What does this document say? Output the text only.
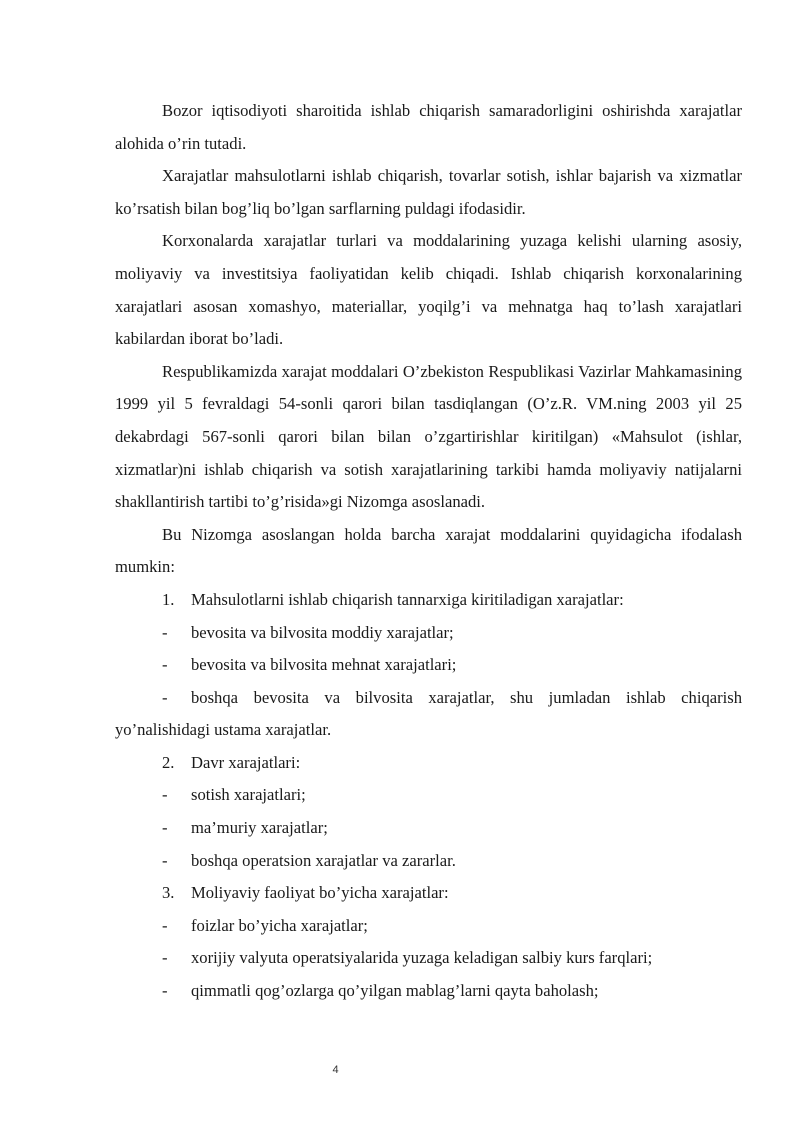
Bozor iqtisodiyoti sharoitida ishlab chiqarish samaradorligini oshirishda xarajatlar alohida o’rin tutadi.

Xarajatlar mahsulotlarni ishlab chiqarish, tovarlar sotish, ishlar bajarish va xizmatlar ko’rsatish bilan bog’liq bo’lgan sarflarning puldagi ifodasidir.

Korxonalarda xarajatlar turlari va moddalarining yuzaga kelishi ularning asosiy, moliyaviy va investitsiya faoliyatidan kelib chiqadi. Ishlab chiqarish korxonalarining xarajatlari asosan xomashyo, materiallar, yoqilg’i va mehnatga haq to’lash xarajatlari kabilardan iborat bo’ladi.

Respublikamizda xarajat moddalari O’zbekiston Respublikasi Vazirlar Mahkamasining 1999 yil 5 fevraldagi 54-sonli qarori bilan tasdiqlangan (O’z.R. VM.ning 2003 yil 25 dekabrdagi 567-sonli qarori bilan bilan o’zgartirishlar kiritilgan) «Mahsulot (ishlar, xizmatlar)ni ishlab chiqarish va sotish xarajatlarining tarkibi hamda moliyaviy natijalarni shakllantirish tartibi to’g’risida»gi Nizomga asoslanadi.

Bu Nizomga asoslangan holda barcha xarajat moddalarini quyidagicha ifodalash mumkin:

1. Mahsulotlarni ishlab chiqarish tannarxiga kiritiladigan xarajatlar:

- bevosita va bilvosita moddiy xarajatlar;

- bevosita va bilvosita mehnat xarajatlari;

- boshqa bevosita va bilvosita xarajatlar, shu jumladan ishlab chiqarish yo’nalishidagi ustama xarajatlar.

2. Davr xarajatlari:

- sotish xarajatlari;

- ma’muriy xarajatlar;

- boshqa operatsion xarajatlar va zararlar.

3. Moliyaviy faoliyat bo’yicha xarajatlar:

- foizlar bo’yicha xarajatlar;

- xorijiy valyuta operatsiyalarida yuzaga keladigan salbiy kurs farqlari;

- qimmatli qog’ozlarga qo’yilgan mablag’larni qayta baholash;

4
